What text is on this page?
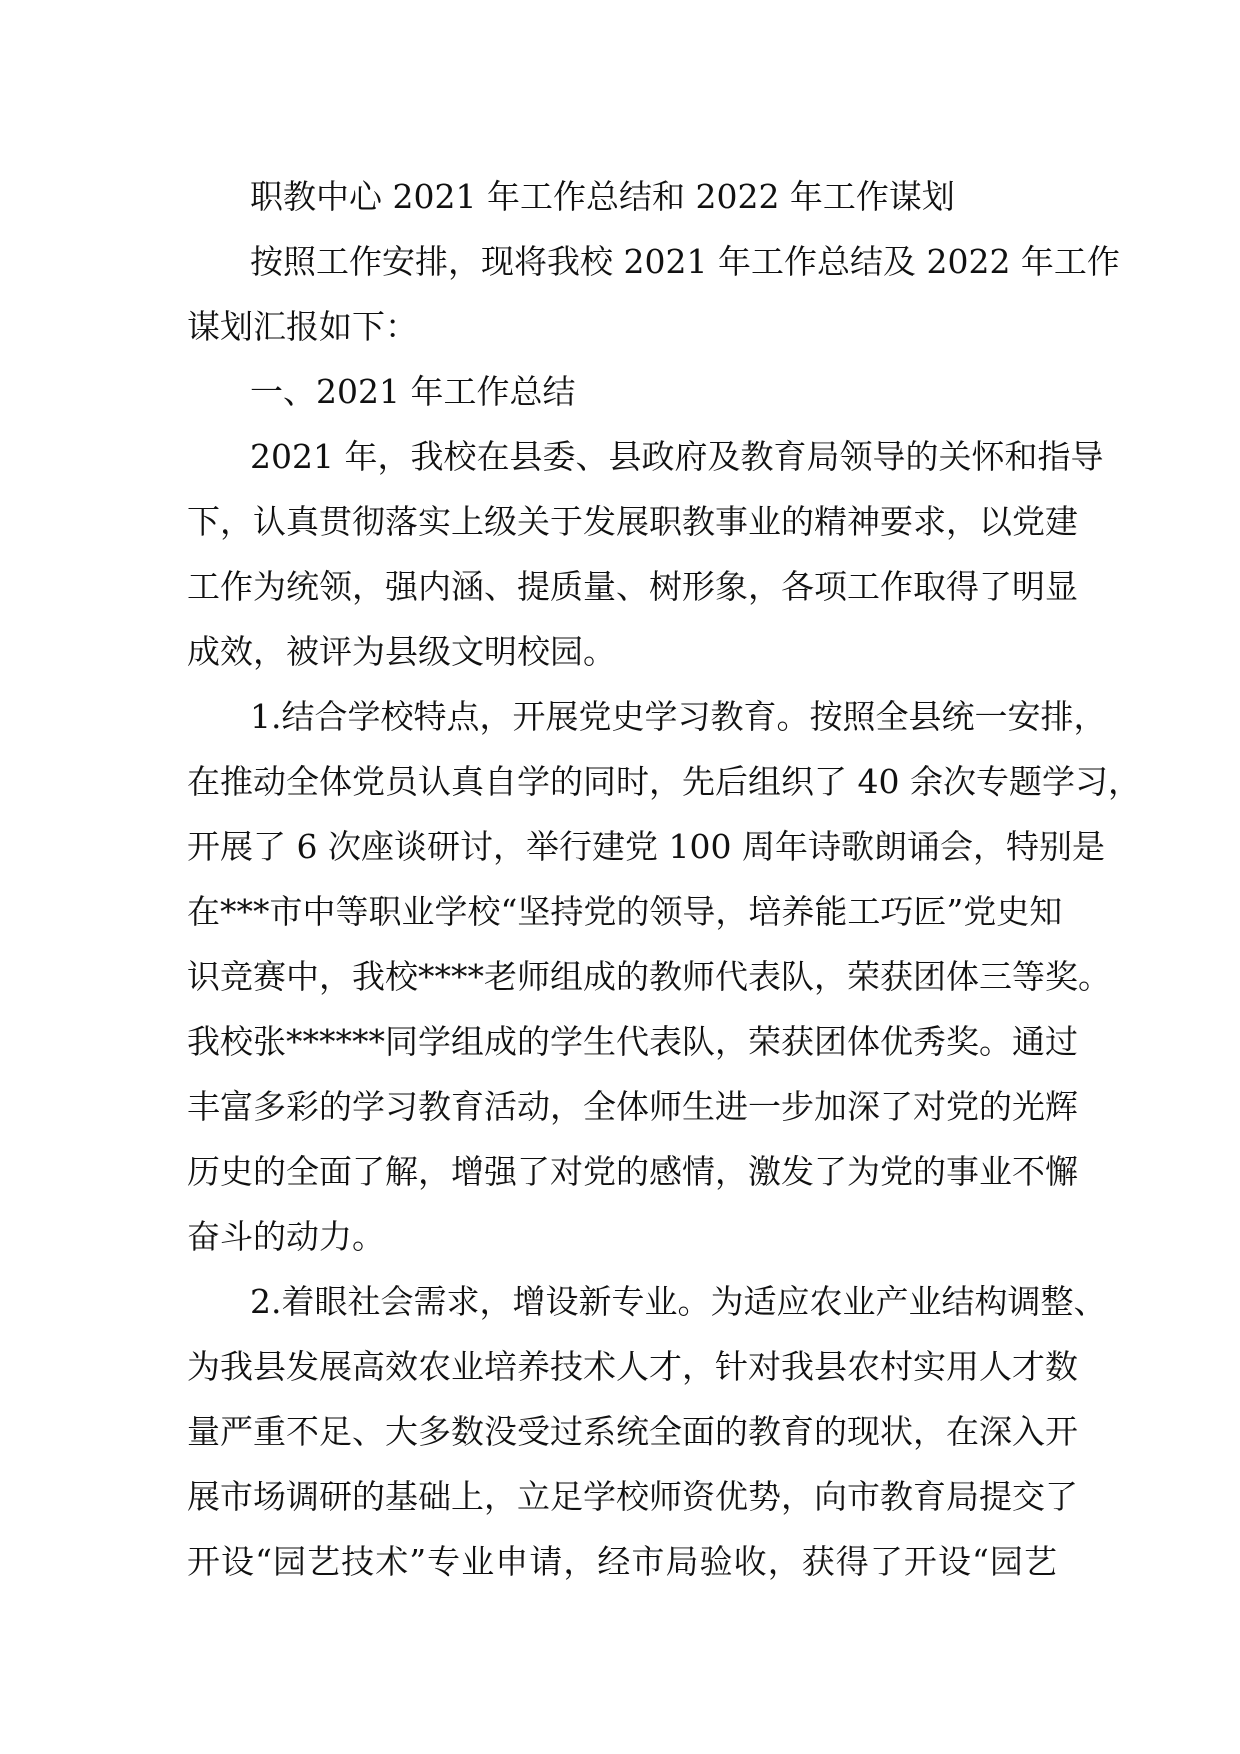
职教中心 2021 年工作总结和 2022 年工作谋划
按照工作安排，现将我校 2021 年工作总结及 2022 年工作
谋划汇报如下：
一、2021 年工作总结
2021 年，我校在县委、县政府及教育局领导的关怀和指导
下，认真贯彻落实上级关于发展职教事业的精神要求，以党建
工作为统领，强内涵、提质量、树形象，各项工作取得了明显
成效，被评为县级文明校园。
1.结合学校特点，开展党史学习教育。按照全县统一安排，
在推动全体党员认真自学的同时，先后组织了 40 余次专题学习，
开展了 6 次座谈研讨，举行建党 100 周年诗歌朗诵会，特别是
在***市中等职业学校“坚持党的领导，培养能工巧匠”党史知
识竞赛中，我校****老师组成的教师代表队，荣获团体三等奖。
我校张******同学组成的学生代表队，荣获团体优秀奖。通过
丰富多彩的学习教育活动，全体师生进一步加深了对党的光辉
历史的全面了解，增强了对党的感情，激发了为党的事业不懈
奋斗的动力。
2.着眼社会需求，增设新专业。为适应农业产业结构调整、
为我县发展高效农业培养技术人才，针对我县农村实用人才数
量严重不足、大多数没受过系统全面的教育的现状，在深入开
展市场调研的基础上，立足学校师资优势，向市教育局提交了
开设“园艺技术”专业申请，经市局验收，获得了开设“园艺
